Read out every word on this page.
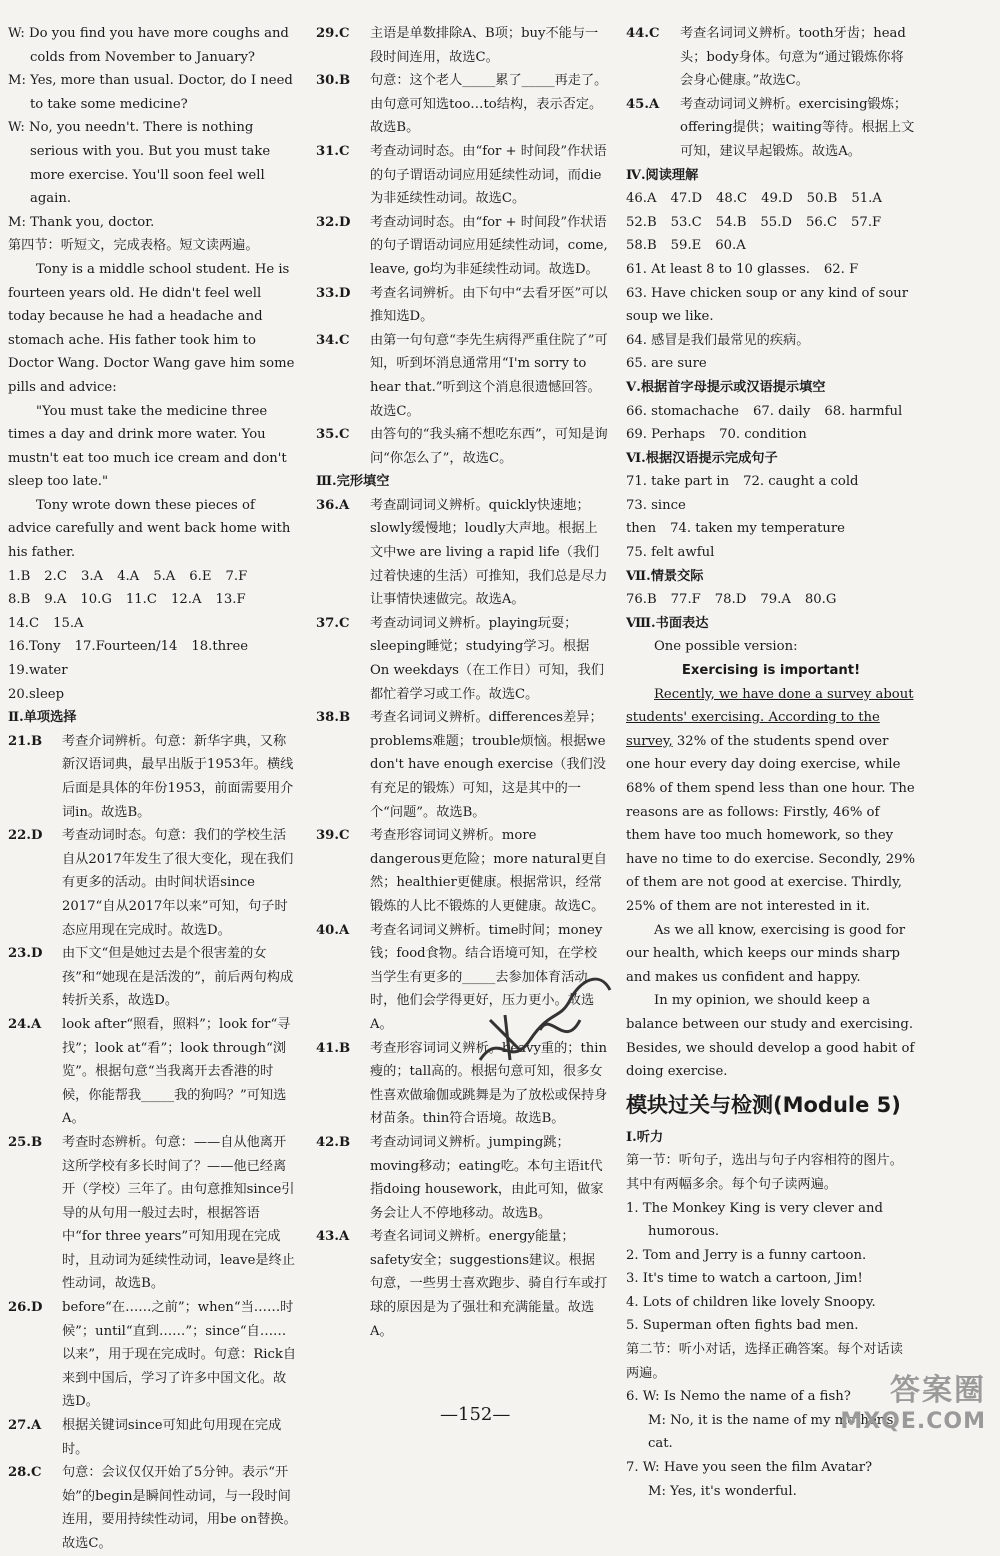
W: Do you find you have more coughs and colds from November to January?

M: Yes, more than usual. Doctor, do I need to take some medicine?

W: No, you needn't. There is nothing serious with you. But you must take more exercise. You'll soon feel well again.

M: Thank you, doctor.

第四节：听短文，完成表格。短文读两遍。

Tony is a middle school student. He is fourteen years old. He didn't feel well today because he had a headache and stomach ache. His father took him to Doctor Wang. Doctor Wang gave him some pills and advice:

"You must take the medicine three times a day and drink more water. You mustn't eat too much ice cream and don't sleep too late."

Tony wrote down these pieces of advice carefully and went back home with his father.

1.B 2.C 3.A 4.A 5.A 6.E 7.F
8.B 9.A 10.G 11.C 12.A 13.F
14.C 15.A
16.Tony 17.Fourteen/14 18.three
19.water
20.sleep

Ⅱ.单项选择

21.B	考查介词辨析。句意：新华字典，又称新汉语词典，最早出版于1953年。横线后面是具体的年份1953，前面需要用介词in。故选B。
22.D	考查动词时态。句意：我们的学校生活自从2017年发生了很大变化，现在我们有更多的活动。由时间状语since 2017“自从2017年以来”可知，句子时态应用现在完成时。故选D。
23.D	由下文“但是她过去是个很害羞的女孩”和“她现在是活泼的”，前后两句构成转折关系，故选D。
24.A	look after“照看，照料”；look for“寻找”；look at“看”；look through“浏览”。根据句意“当我离开去香港的时候，你能帮我_____我的狗吗？”可知选A。
25.B	考查时态辨析。句意：——自从他离开这所学校有多长时间了？——他已经离开（学校）三年了。由句意推知since引导的从句用一般过去时，根据答语中“for three years”可知用现在完成时，且动词为延续性动词，leave是终止性动词，故选B。
26.D	before“在……之前”；when“当……时候”；until“直到……”；since“自……以来”，用于现在完成时。句意：Rick自来到中国后，学习了许多中国文化。故选D。
27.A	根据关键词since可知此句用现在完成时。
28.C	句意：会议仅仅开始了5分钟。表示“开始”的begin是瞬间性动词，与一段时间连用，要用持续性动词，用be on替换。故选C。
29.C	主语是单数排除A、B项；buy不能与一段时间连用，故选C。
30.B	句意：这个老人_____累了_____再走了。由句意可知选too…to结构，表示否定。故选B。
31.C	考查动词时态。由“for + 时间段”作状语的句子谓语动词应用延续性动词，而die为非延续性动词。故选C。
32.D	考查动词时态。由“for + 时间段”作状语的句子谓语动词应用延续性动词，come, leave, go均为非延续性动词。故选D。
33.D	考查名词辨析。由下句中“去看牙医”可以推知选D。
34.C	由第一句句意“李先生病得严重住院了”可知，听到坏消息通常用“I'm sorry to hear that.”听到这个消息很遗憾回答。故选C。
35.C	由答句的“我头痛不想吃东西”，可知是询问“你怎么了”，故选C。

Ⅲ.完形填空

36.A	考查副词词义辨析。quickly快速地；slowly缓慢地；loudly大声地。根据上文中we are living a rapid life（我们过着快速的生活）可推知，我们总是尽力让事情快速做完。故选A。
37.C	考查动词词义辨析。playing玩耍；sleeping睡觉；studying学习。根据On weekdays（在工作日）可知，我们都忙着学习或工作。故选C。
38.B	考查名词词义辨析。differences差异；problems难题；trouble烦恼。根据we don't have enough exercise（我们没有充足的锻炼）可知，这是其中的一个“问题”。故选B。
39.C	考查形容词词义辨析。more dangerous更危险；more natural更自然；healthier更健康。根据常识，经常锻炼的人比不锻炼的人更健康。故选C。
40.A	考查名词词义辨析。time时间；money钱；food食物。结合语境可知，在学校当学生有更多的_____去参加体育活动时，他们会学得更好，压力更小。故选A。
41.B	考查形容词词义辨析。heavy重的；thin瘦的；tall高的。根据句意可知，很多女性喜欢做瑜伽或跳舞是为了放松或保持身材苗条。thin符合语境。故选B。
42.B	考查动词词义辨析。jumping跳；moving移动；eating吃。本句主语it代指doing housework，由此可知，做家务会让人不停地移动。故选B。
43.A	考查名词词义辨析。energy能量；safety安全；suggestions建议。根据句意，一些男士喜欢跑步、骑自行车或打球的原因是为了强壮和充满能量。故选A。
44.C	考查名词词义辨析。tooth牙齿；head头；body身体。句意为“通过锻炼你将会身心健康。”故选C。
45.A	考查动词词义辨析。exercising锻炼；offering提供；waiting等待。根据上文可知，建议早起锻炼。故选A。

Ⅳ.阅读理解

46.A 47.D 48.C 49.D 50.B 51.A
52.B 53.C 54.B 55.D 56.C 57.F
58.B 59.E 60.A
61. At least 8 to 10 glasses. 62. F

63. Have chicken soup or any kind of sour soup we like.

64. 感冒是我们最常见的疾病。

65. are sure

Ⅴ.根据首字母提示或汉语提示填空

66. stomachache 67. daily 68. harmful
69. Perhaps 70. condition

Ⅵ.根据汉语提示完成句子

71. take part in 72. caught a cold
73. since
then 74. taken my temperature
75. felt awful

Ⅶ.情景交际

76.B 77.F 78.D 79.A 80.G

Ⅷ.书面表达

One possible version:

Exercising is important!

Recently, we have done a survey about students' exercising. According to the survey, 32% of the students spend over one hour every day doing exercise, while 68% of them spend less than one hour. The reasons are as follows: Firstly, 46% of them have too much homework, so they have no time to do exercise. Secondly, 29% of them are not good at exercise. Thirdly, 25% of them are not interested in it.

As we all know, exercising is good for our health, which keeps our minds sharp and makes us confident and happy.

In my opinion, we should keep a balance between our study and exercising. Besides, we should develop a good habit of doing exercise.

模块过关与检测(Module 5)

Ⅰ.听力

第一节：听句子，选出与句子内容相符的图片。其中有两幅多余。每个句子读两遍。

1. The Monkey King is very clever and humorous.

2. Tom and Jerry is a funny cartoon.

3. It's time to watch a cartoon, Jim!

4. Lots of children like lovely Snoopy.

5. Superman often fights bad men.

第二节：听小对话，选择正确答案。每个对话读两遍。

6. W: Is Nemo the name of a fish?

M: No, it is the name of my mother's cat.

7. W: Have you seen the film Avatar?

M: Yes, it's wonderful.

—152—
答案圈
MXQE.COM
